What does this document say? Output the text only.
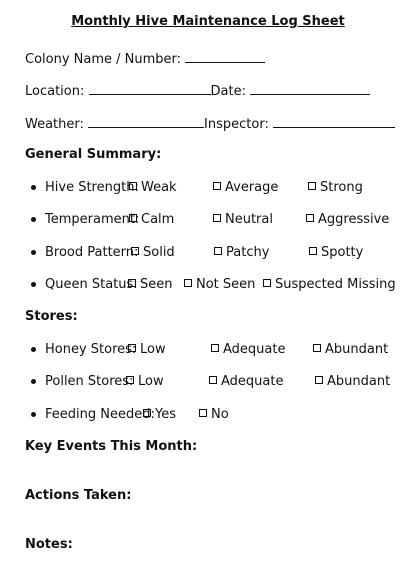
Monthly Hive Maintenance Log Sheet
Colony Name / Number:
Location:	Date:
Weather:	Inspector:
General Summary:
Hive Strength: Weak	Average	Strong
Temperament: Calm	Neutral	Aggressive
Brood Pattern: Solid	Patchy	Spotty
Queen Status: Seen	Not Seen	Suspected Missing
Stores:
Honey Stores: Low	Adequate	Abundant
Pollen Stores: Low	Adequate	Abundant
Feeding Needed: Yes	No
Key Events This Month:
Actions Taken:
Notes:
